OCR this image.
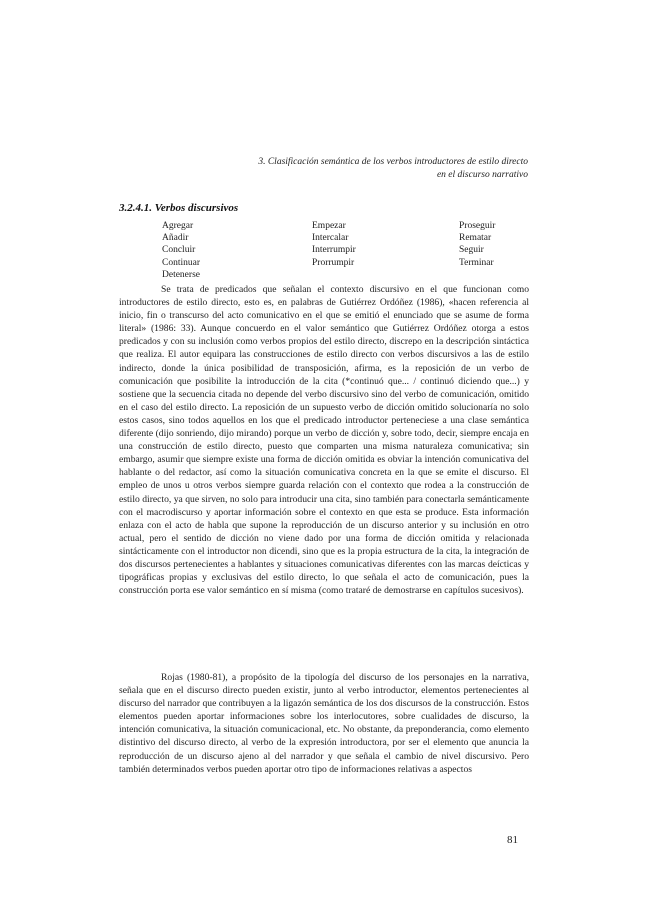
3. Clasificación semántica de los verbos introductores de estilo directo
en el discurso narrativo
3.2.4.1. Verbos discursivos
Agregar
Añadir
Concluir
Continuar
Detenerse
Empezar
Intercalar
Interrumpir
Prorrumpir
Proseguir
Rematar
Seguir
Terminar

Se trata de predicados que señalan el contexto discursivo en el que funcionan como introductores de estilo directo, esto es, en palabras de Gutiérrez Ordóñez (1986), «hacen referencia al inicio, fin o transcurso del acto comunicativo en el que se emitió el enunciado que se asume de forma literal» (1986: 33). Aunque concuerdo en el valor semántico que Gutiérrez Ordóñez otorga a estos predicados y con su inclusión como verbos propios del estilo directo, discrepo en la descripción sintáctica que realiza. El autor equipara las construcciones de estilo directo con verbos discursivos a las de estilo indirecto, donde la única posibilidad de transposición, afirma, es la reposición de un verbo de comunicación que posibilite la introducción de la cita (*continuó que... / continuó diciendo que...) y sostiene que la secuencia citada no depende del verbo discursivo sino del verbo de comunicación, omitido en el caso del estilo directo. La reposición de un supuesto verbo de dicción omitido solucionaría no solo estos casos, sino todos aquellos en los que el predicado introductor perteneciese a una clase semántica diferente (dijo sonriendo, dijo mirando) porque un verbo de dicción y, sobre todo, decir, siempre encaja en una construcción de estilo directo, puesto que comparten una misma naturaleza comunicativa; sin embargo, asumir que siempre existe una forma de dicción omitida es obviar la intención comunicativa del hablante o del redactor, así como la situación comunicativa concreta en la que se emite el discurso. El empleo de unos u otros verbos siempre guarda relación con el contexto que rodea a la construcción de estilo directo, ya que sirven, no solo para introducir una cita, sino también para conectarla semánticamente con el macrodiscurso y aportar información sobre el contexto en que esta se produce. Esta información enlaza con el acto de habla que supone la reproducción de un discurso anterior y su inclusión en otro actual, pero el sentido de dicción no viene dado por una forma de dicción omitida y relacionada sintácticamente con el introductor non dicendi, sino que es la propia estructura de la cita, la integración de dos discursos pertenecientes a hablantes y situaciones comunicativas diferentes con las marcas deícticas y tipográficas propias y exclusivas del estilo directo, lo que señala el acto de comunicación, pues la construcción porta ese valor semántico en sí misma (como trataré de demostrarse en capítulos sucesivos).

Rojas (1980-81), a propósito de la tipología del discurso de los personajes en la narrativa, señala que en el discurso directo pueden existir, junto al verbo introductor, elementos pertenecientes al discurso del narrador que contribuyen a la ligazón semántica de los dos discursos de la construcción. Estos elementos pueden aportar informaciones sobre los interlocutores, sobre cualidades de discurso, la intención comunicativa, la situación comunicacional, etc. No obstante, da preponderancia, como elemento distintivo del discurso directo, al verbo de la expresión introductora, por ser el elemento que anuncia la reproducción de un discurso ajeno al del narrador y que señala el cambio de nivel discursivo. Pero también determinados verbos pueden aportar otro tipo de informaciones relativas a aspectos

81
